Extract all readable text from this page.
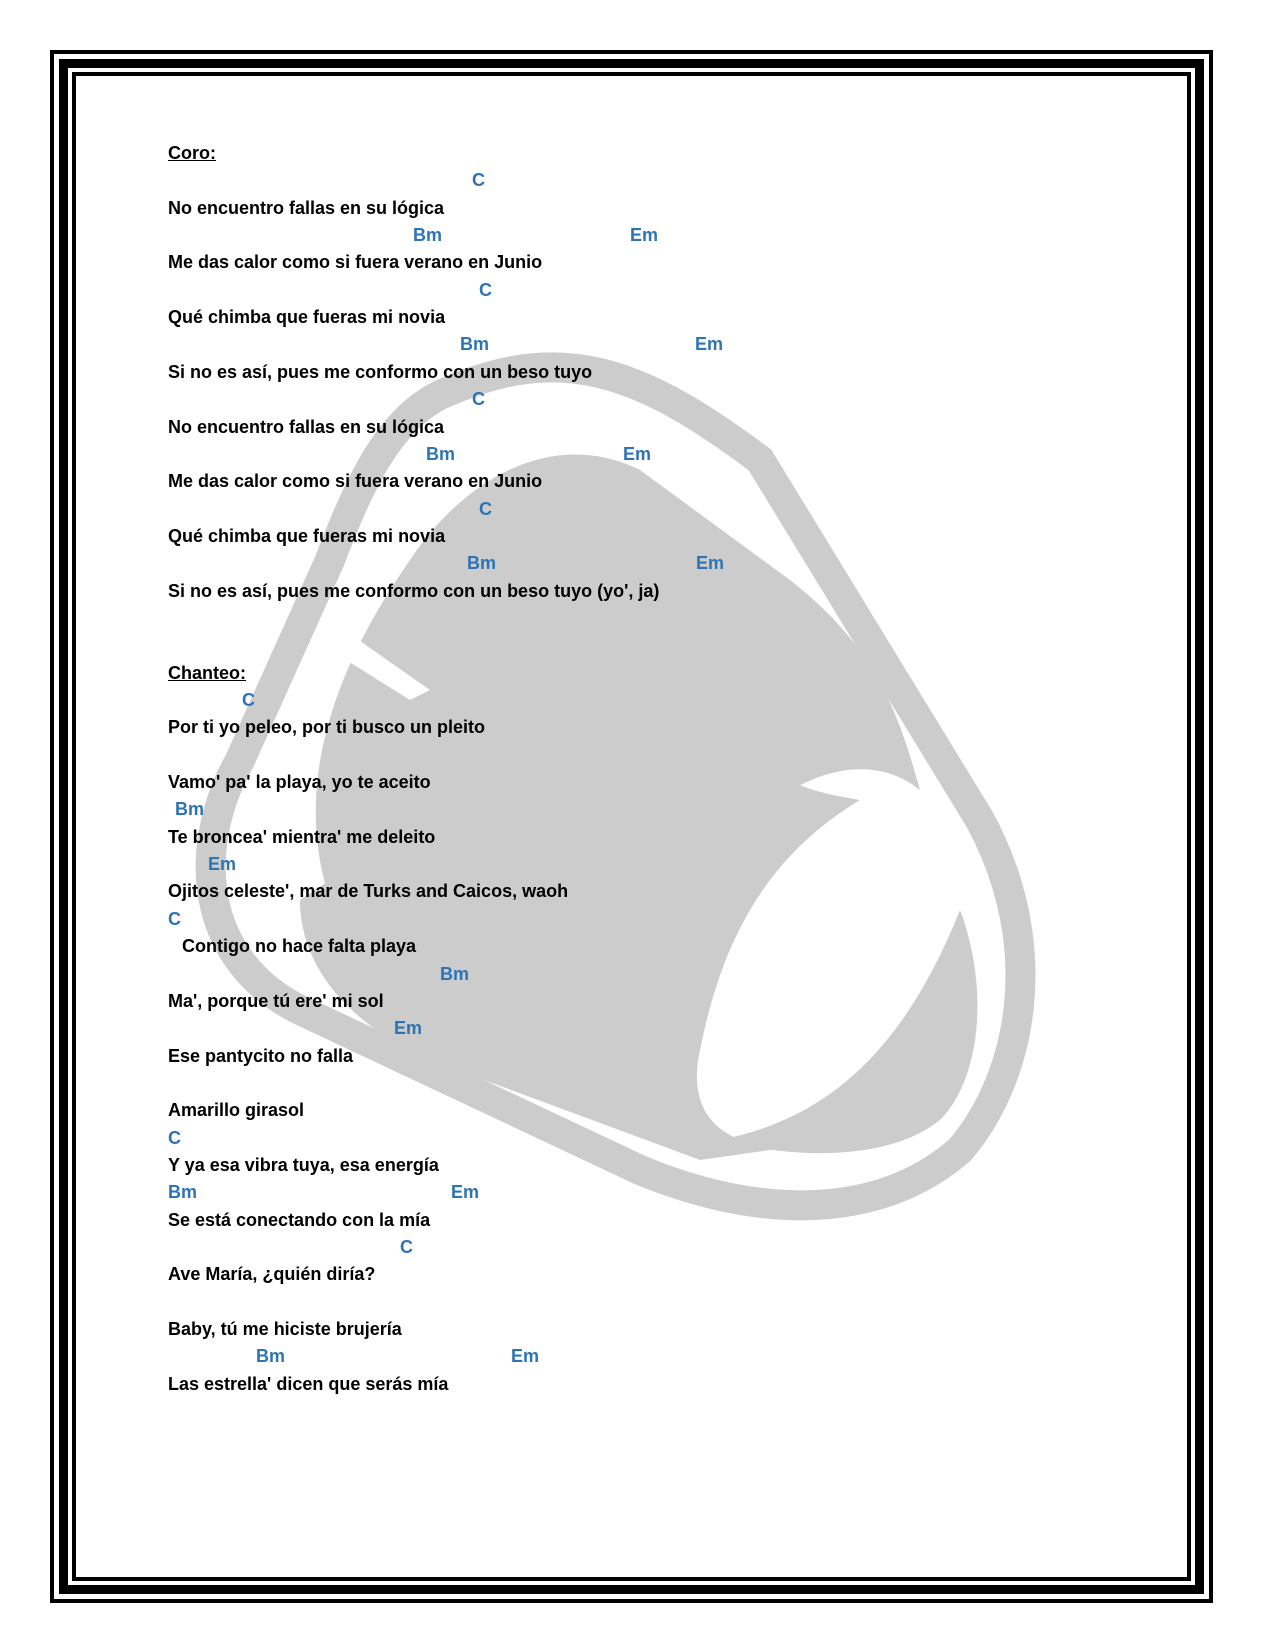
Coro:
C
No encuentro fallas en su lógica
Bm	Em
Me das calor como si fuera verano en Junio
C
Qué chimba que fueras mi novia
Bm	Em
Si no es así, pues me conformo con un beso tuyo
C
No encuentro fallas en su lógica
Bm	Em
Me das calor como si fuera verano en Junio
C
Qué chimba que fueras mi novia
Bm	Em
Si no es así, pues me conformo con un beso tuyo (yo', ja)
Chanteo:
C
Por ti yo peleo, por ti busco un pleito
Vamo' pa' la playa, yo te aceito
Bm
Te broncea' mientra' me deleito
Em
Ojitos celeste', mar de Turks and Caicos, waoh
C
Contigo no hace falta playa
Bm
Ma', porque tú ere' mi sol
Em
Ese pantycito no falla
Amarillo girasol
C
Y ya esa vibra tuya, esa energía
Bm	Em
Se está conectando con la mía
C
Ave María, ¿quién diría?
Baby, tú me hiciste brujería
Bm	Em
Las estrella' dicen que serás mía
